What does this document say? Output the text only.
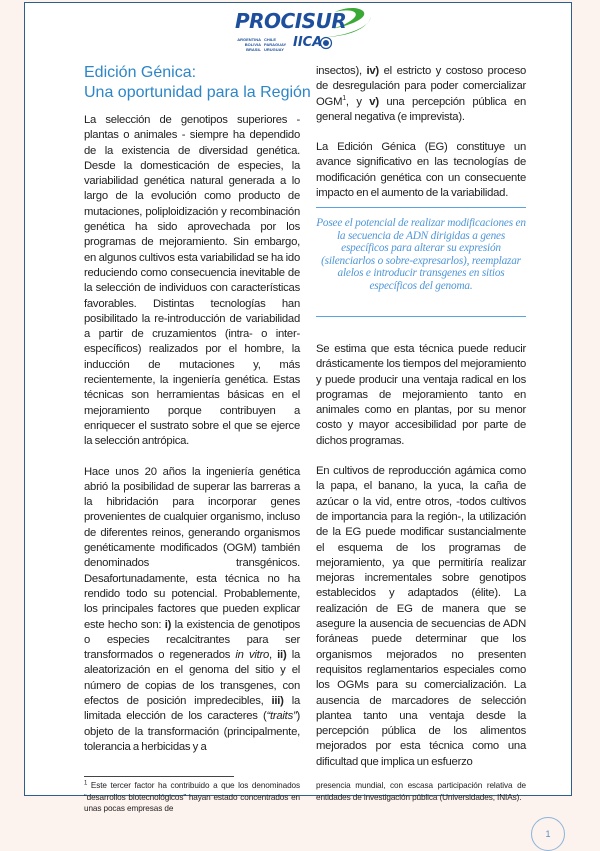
PROCISUR
ARGENTINA BOLIVIA BRASIL
CHILE PARAGUAY URUGUAY IICA
Edición Génica:
Una oportunidad para la Región

La selección de genotipos superiores - plantas o animales - siempre ha dependido de la existencia de diversidad genética. Desde la domesticación de especies, la variabilidad genética natural generada a lo largo de la evolución como producto de mutaciones, poliploidización y recombinación genética ha sido aprovechada por los programas de mejoramiento. Sin embargo, en algunos cultivos esta variabilidad se ha ido reduciendo como consecuencia inevitable de la selección de individuos con características favorables. Distintas tecnologías han posibilitado la re-introducción de variabilidad a partir de cruzamientos (intra- o inter-específicos) realizados por el hombre, la inducción de mutaciones y, más recientemente, la ingeniería genética. Estas técnicas son herramientas básicas en el mejoramiento porque contribuyen a enriquecer el sustrato sobre el que se ejerce la selección antrópica.

Hace unos 20 años la ingeniería genética abrió la posibilidad de superar las barreras a la hibridación para incorporar genes provenientes de cualquier organismo, incluso de diferentes reinos, generando organismos genéticamente modificados (OGM) también denominados transgénicos. Desafortunadamente, esta técnica no ha rendido todo su potencial. Probablemente, los principales factores que pueden explicar este hecho son: i) la existencia de genotipos o especies recalcitrantes para ser transformados o regenerados in vitro, ii) la aleatorización en el genoma del sitio y el número de copias de los transgenes, con efectos de posición impredecibles, iii) la limitada elección de los caracteres (“traits”) objeto de la transformación (principalmente, tolerancia a herbicidas y a

insectos), iv) el estricto y costoso proceso de desregulación para poder comercializar OGM$^1$, y v) una percepción pública en general negativa (e imprevista).

La Edición Génica (EG) constituye un avance significativo en las tecnologías de modificación genética con un consecuente impacto en el aumento de la variabilidad.

Posee el potencial de realizar modificaciones en la secuencia de ADN dirigidas a genes específicos para alterar su expresión (silenciarlos o sobre-expresarlos), reemplazar alelos e introducir transgenes en sitios específicos del genoma.

Se estima que esta técnica puede reducir drásticamente los tiempos del mejoramiento y puede producir una ventaja radical en los programas de mejoramiento tanto en animales como en plantas, por su menor costo y mayor accesibilidad por parte de dichos programas.

En cultivos de reproducción agámica como la papa, el banano, la yuca, la caña de azúcar o la vid, entre otros, -todos cultivos de importancia para la región-, la utilización de la EG puede modificar sustancialmente el esquema de los programas de mejoramiento, ya que permitiría realizar mejoras incrementales sobre genotipos establecidos y adaptados (élite). La realización de EG de manera que se asegure la ausencia de secuencias de ADN foráneas puede determinar que los organismos mejorados no presenten requisitos reglamentarios especiales como los OGMs para su comercialización. La ausencia de marcadores de selección plantea tanto una ventaja desde la percepción pública de los alimentos mejorados por esta técnica como una dificultad que implica un esfuerzo

$^1$ Este tercer factor ha contribuido a que los denominados “desarrollos biotecnológicos” hayan estado concentrados en unas pocas empresas de
presencia mundial, con escasa participación relativa de entidades de investigación pública (Universidades, INIAs).
1
